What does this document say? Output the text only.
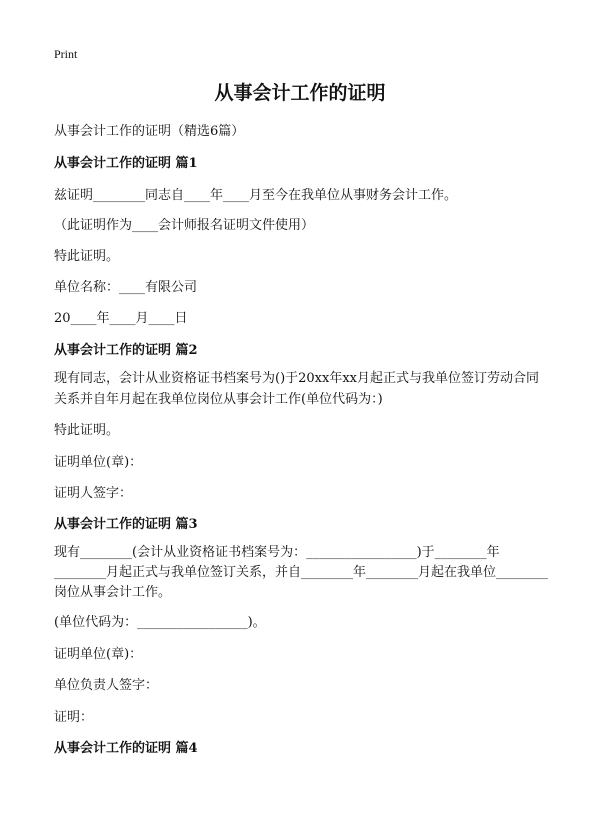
Print
从事会计工作的证明
从事会计工作的证明（精选6篇）
从事会计工作的证明 篇1
兹证明________同志自____年____月至今在我单位从事财务会计工作。
（此证明作为____会计师报名证明文件使用）
特此证明。
单位名称：____有限公司
20____年____月____日
从事会计工作的证明 篇2
现有同志，会计从业资格证书档案号为()于20xx年xx月起正式与我单位签订劳动合同关系并自年月起在我单位岗位从事会计工作(单位代码为：)
特此证明。
证明单位(章)：
证明人签字：
从事会计工作的证明 篇3
现有________(会计从业资格证书档案号为：_________________)于________年________月起正式与我单位签订关系，并自________年________月起在我单位________岗位从事会计工作。
(单位代码为：_________________)。
证明单位(章)：
单位负责人签字：
证明：
从事会计工作的证明 篇4
